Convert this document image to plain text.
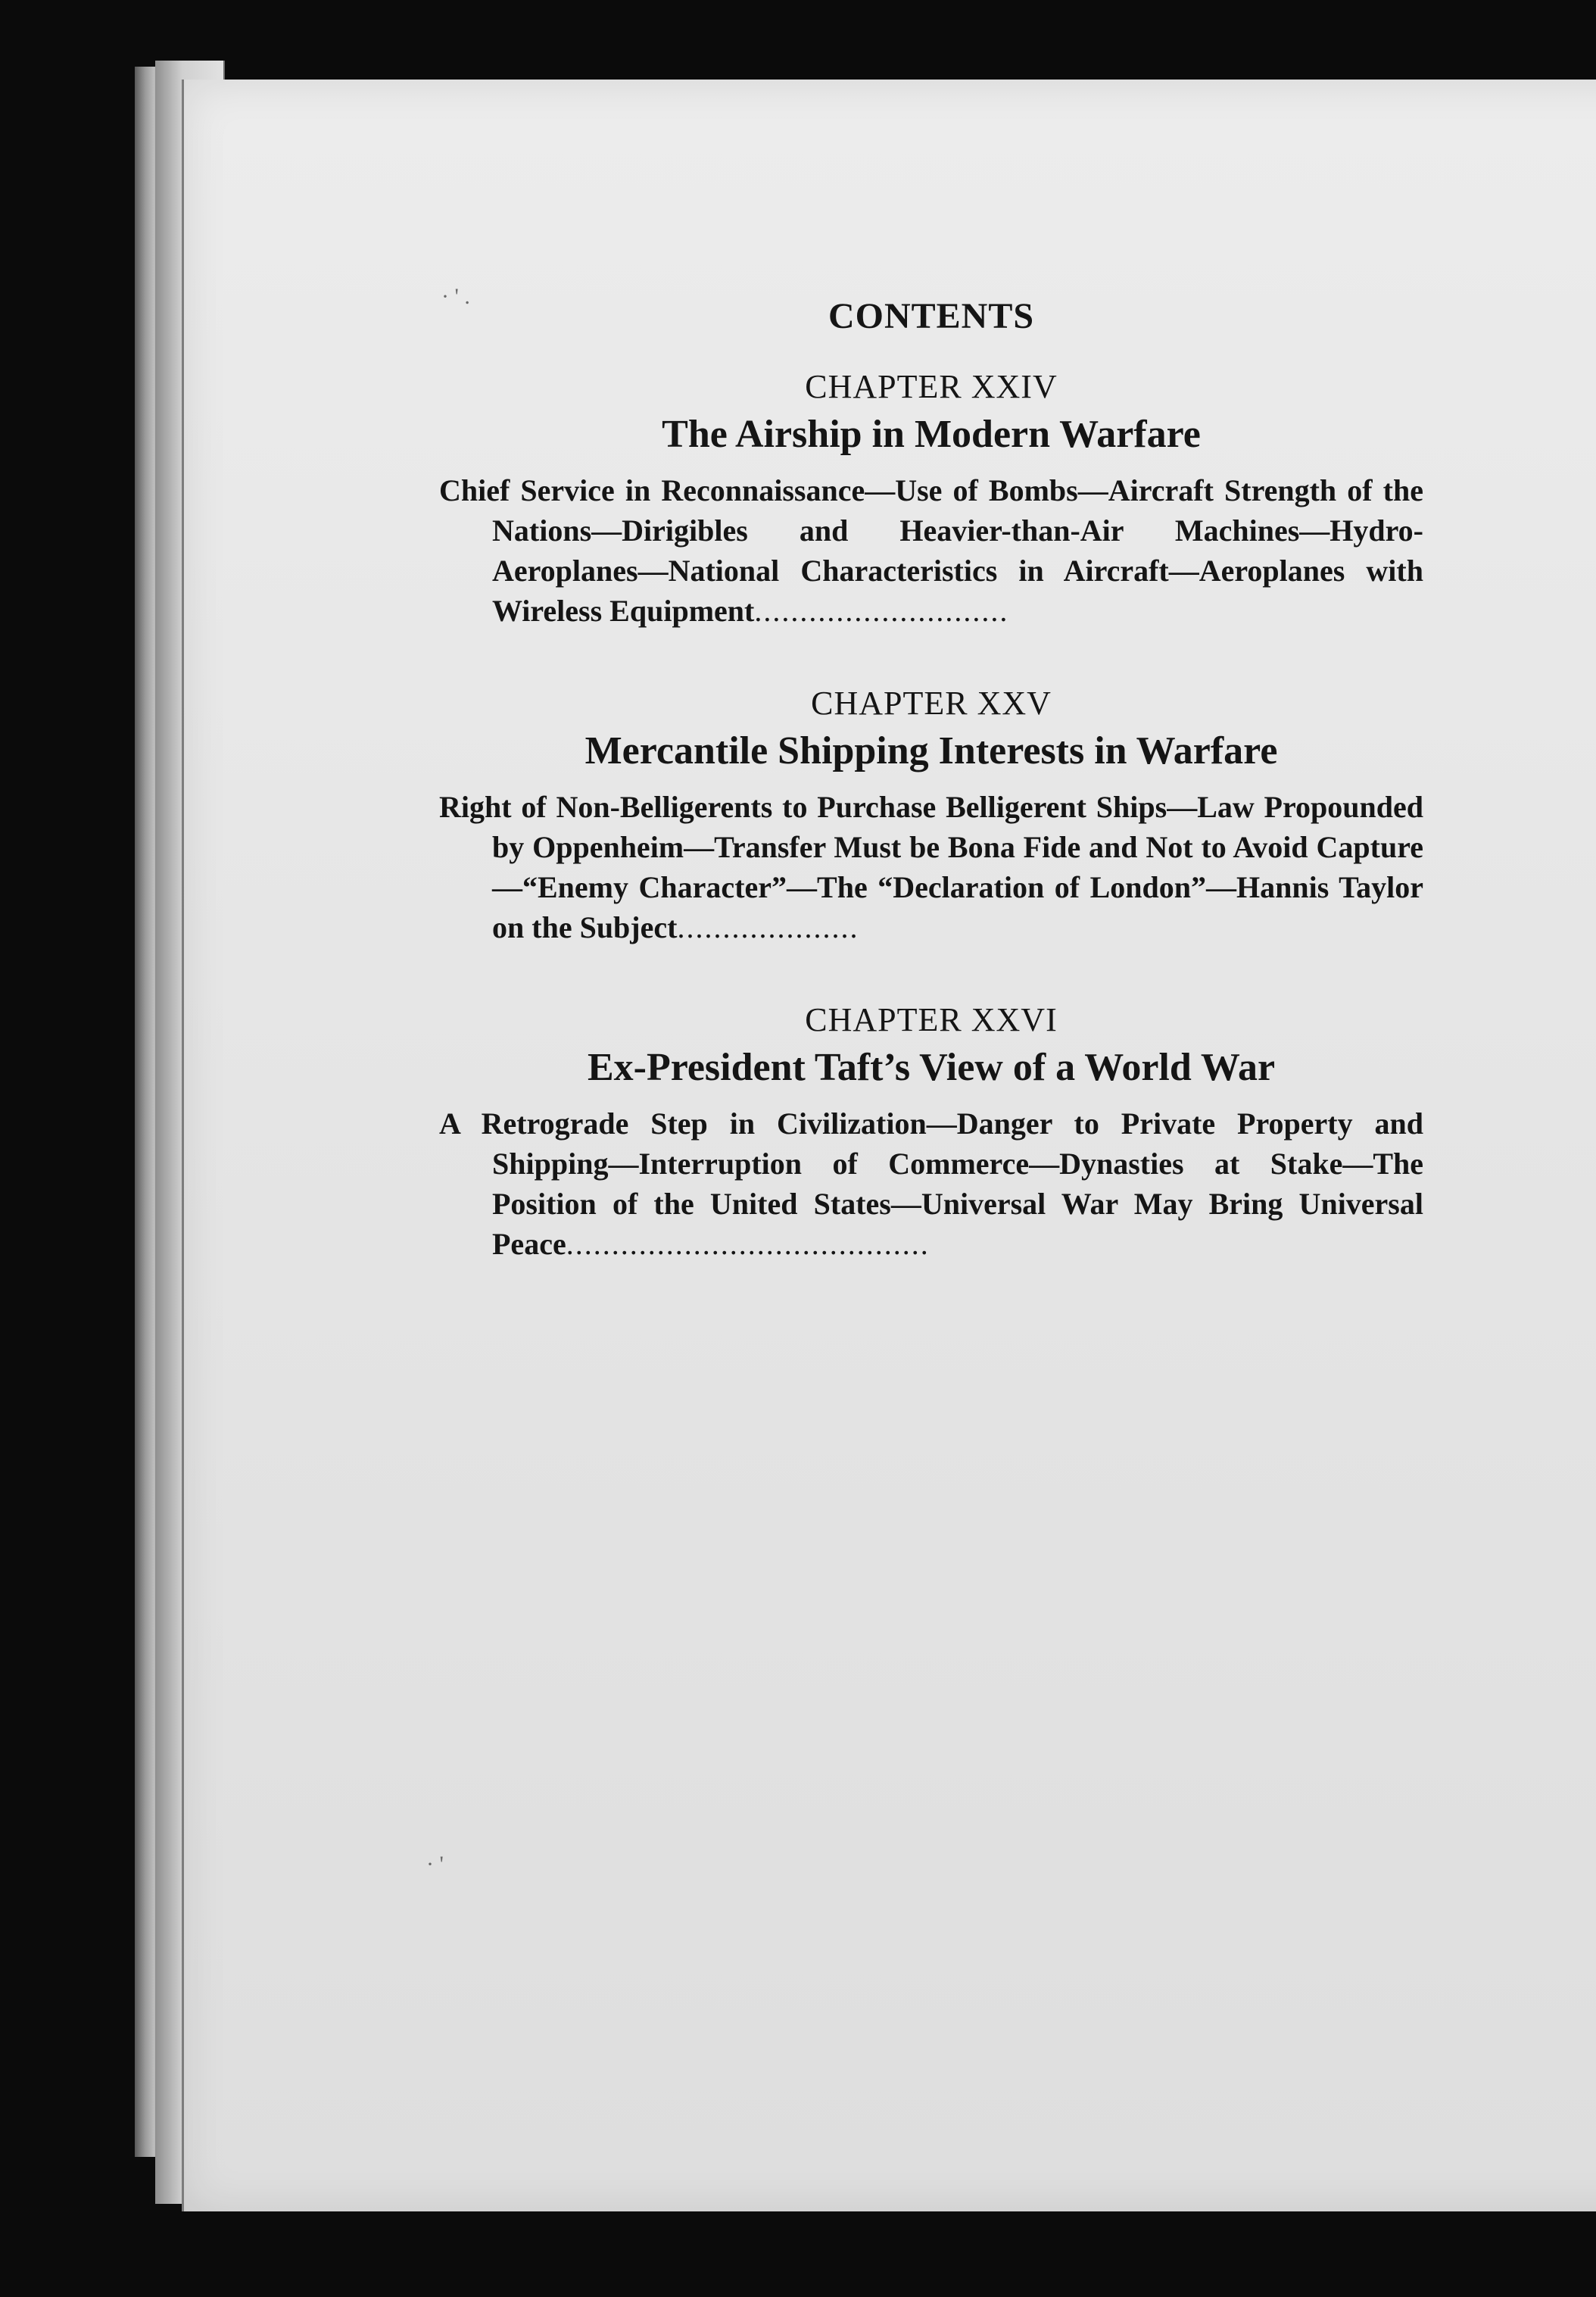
· ' .
· '
CONTENTS
CHAPTER XXIV
The Airship in Modern Warfare
Chief Service in Reconnaissance—Use of Bombs—Aircraft Strength of the Nations—Dirigibles and Heavier-than-Air Machines—Hydro-Aeroplanes—National Characteristics in Aircraft—Aeroplanes with Wireless Equipment............................
CHAPTER XXV
Mercantile Shipping Interests in Warfare
Right of Non-Belligerents to Purchase Belligerent Ships—Law Propounded by Oppenheim—Transfer Must be Bona Fide and Not to Avoid Capture—“Enemy Character”—The “Declaration of London”—Hannis Taylor on the Subject....................
CHAPTER XXVI
Ex-President Taft’s View of a World War
A Retrograde Step in Civilization—Danger to Private Property and Shipping—Interruption of Commerce—Dynasties at Stake—The Position of the United States—Universal War May Bring Universal Peace........................................
